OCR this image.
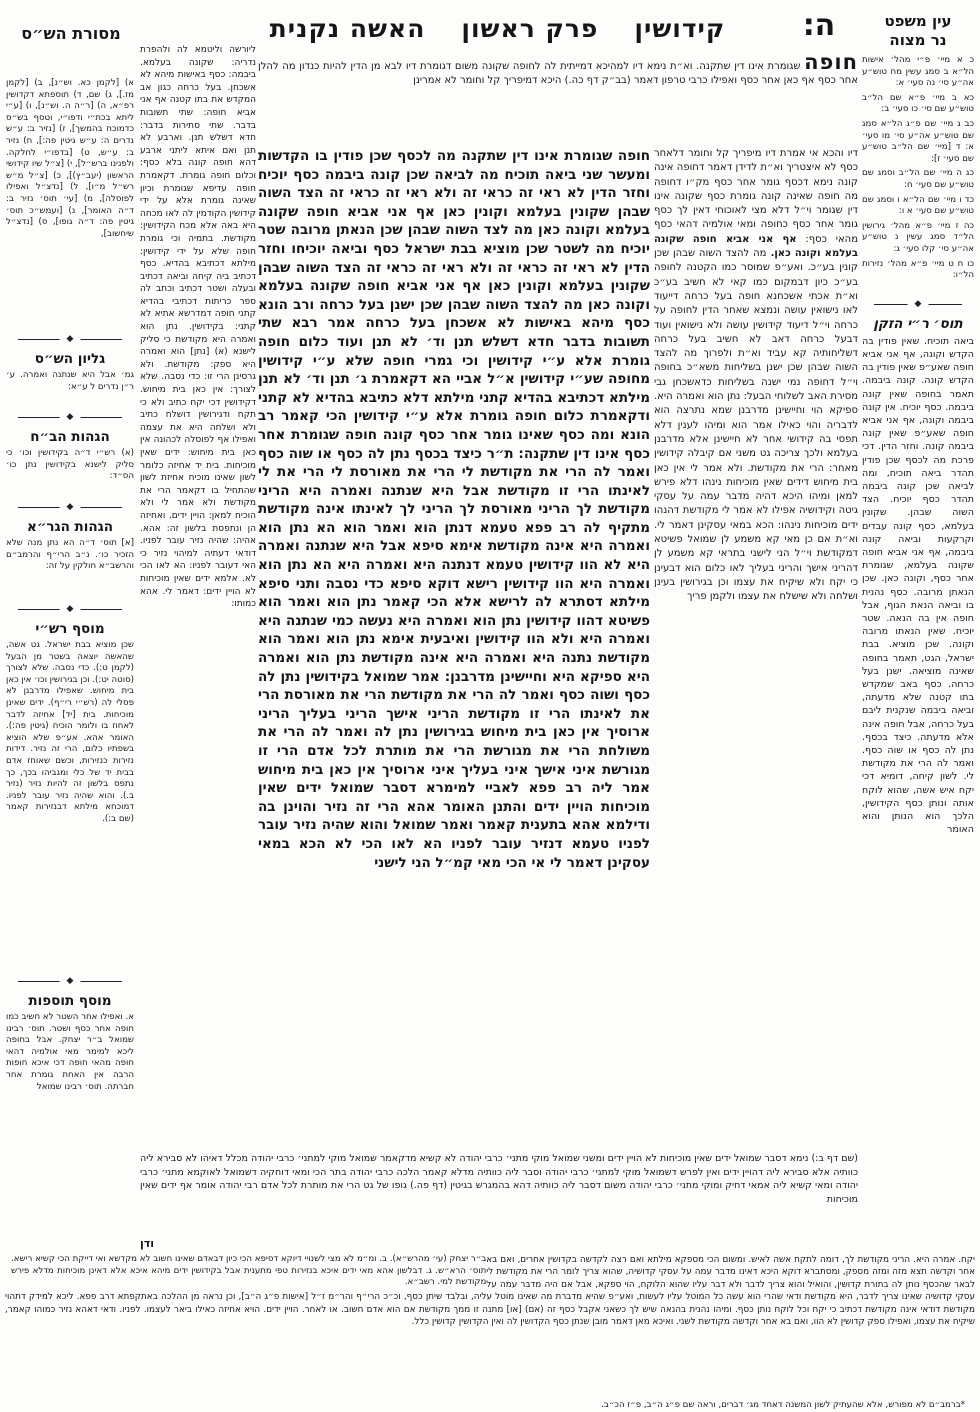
עין משפט
נר מצוה
ה:
קידושין
פרק ראשון
האשה נקנית
מסורת הש״ס
א) [לקמן כא. וש״נ], ב) [לקמן מז.], ג) שם, ד) תוספתא דקדושין רפ״א, ה) [ר״ה ה. וש״נ], ו) [ע״י ליתא בכת״י ודפו״י, וטסף בש״ס כדמוכח בהמשך], ז) [נזיר ב: ע״ש נדרים ה: ע״ש גיטין פה:], ח) נזיר ב: ע״ש, ט) [בדפו״י לחלקה. ולפנינו ברש״ל], י) [צ״ל שיו קידושי הראשון (יעב״ץ)], כ) [צ״ל מ״ש רש״ל מ״ו], ל) [נדצ״ל ואפילו לפוסלה], מ) [עי׳ תוס׳ נזיר ב: ד״ה האומר], נ) [ועמש״כ תוס׳ גיטין פה: ד״ה גופו], ס) [נדצ״ל שיחשוב],
◆
גליון הש״ס
גמ׳ אבל היא שנתנה ואמרה. ע׳ ר״ן נדרים ל ע״א:
◆
הגהות הב״ח
(א) רש״י ד״ה בקידושין וכו׳ כי סליק לישנא בקידושין נתן כו׳ הס״ד:
◆
הגהות הגר״א
[א] תוס׳ ד״ה הא נתן מנה שלא הזכיר כו׳. נ״ב הרי״ף והרמב״ם והרשב״א חולקין על זה:
◆
מוסף רש״י
שכן מוציא בבת ישראל. גט אשה, שהאשה יוצאה בשטר מן הבעל (לקמן ט:). כדי נסבה. שלא לצורך (סוטה יט:). וכן בגירושין וכו׳ אין כאן בית מיחוש. שאפילו מדרבנן לא פסלי לה (רש״י רי״ף). ידים שאינן מוכיחות. בית [יד] אחיזה לדבר לאחוז בו ולומר הוכיח (גיטין פה:). האומר אהא. אע״פ שלא הוציא בשפתיו כלום, הרי זה נזיר. דידות נזירות כנזירות, וכשם שאוחז אדם בבית יד של כלי ומגביהו בכך, כך נתפס בלשון זה להיות נזיר (נזיר ב.). והוא שהיה נזיר עובר לפניו. דמוכחא מילתא דבנזירות קאמר (שם ב:).
◆
מוסף תוספות
א. ואפילו אחר השטר לא חשיב כמו חופה אחר כסף ושטר. תוס׳ רבינו שמואל ב״ר יצחק. אבל בחופה ליכא למימר מאי אולמיה דהאי חופה מהאי חופה דכי איכא חופות הרבה אין האחת גומרת אחר חברתה. תוס׳ רבינו שמואל
ליורשה וליטמא לה ולהפרת נדריה: שקונה בעלמא. ביבמה: כסף באישות מיהא לא אשכחן. בעל כרחה כגון אב המקדש את בתו קטנה אף אני אביא חופה: שתי תשובות בדבר. שתי סתירות בדבר: חדא דשלש תנן. וארבע לא תנן ואם איתא ליתני ארבע דהא חופה קונה בלא כסף: וכלום חופה גומרת. דקאמרת חופה עדיפא שגומרת וכיון שאינה גומרת אלא על ידי קידושין הקודמין לה לאו מכחה היא באה אלא מכח הקידושין: מקודשת. בתמיה וכי גומרת חופה שלא על ידי קידושין: מילתא דכתיבא בהדיא. כסף דכתיב ביה קיחה וביאה דכתיב ובעלה ושטר דכתיב וכתב לה ספר כריתות דכתיבי בהדיא קתני חופה דמדרשא אתיא לא קתני: בקידושין. נתן הוא ואמרה היא מקודשת כי סליק לישנא (א) [נתן] הוא ואמרה היא ספק: מקודשת. ולא גרסינן הרי זו: כדי נסבה. שלא לצורך: אין כאן בית מיחוש. דקידושין דכי יקח כתיב ולא כי תקח ודגירושין דושלח כתיב ולא ושלחה היא את עצמה ואפילו אף לפוסלה לכהונה אין כאן בית מיחוש: ידים שאין מוכיחות. בית יד אחיזה כלומר לשון שאינו מוכיח אחיזת לשון שהתחיל בו דקאמר הרי את מקודשת ולא אמר לי ולא הוכיח למאן: הויין ידים. ואחיזה הן ונתפסת בלשון זה: אהא. אהיה: שהיה נזיר עובר לפניו. דודאי דעתיה למיהוי נזיר כי האי דעובר לפניו: הא לאו הכי לא. אלמא ידים שאין מוכיחות לא הויין ידים: דאמר לי. אהא כמותו:
חופה שגומרת אינו דין שתקנה. וא״ת נימא דיו למהיכא דמייתית לה לחופה שקונה משום דגומרת דיו לבא מן הדין להיות כנדון מה להלן אחר כסף אף כאן אחר כסף ואפילו כרבי טרפון דאמר (בב״ק דף כה.) היכא דמיפריך קל וחומר לא אמרינן
חופה שגומרת אינו דין שתקנה מה לכסף שכן פודין בו הקדשות ומעשר שני ביאה תוכיח מה לביאה שכן קונה ביבמה כסף יוכיח וחזר הדין לא ראי זה כראי זה ולא ראי זה כראי זה הצד השוה שבהן שקונין בעלמא וקונין כאן אף אני אביא חופה שקונה בעלמא וקונה כאן מה לצד השוה שבהן שכן הנאתן מרובה שטר יוכיח מה לשטר שכן מוציא בבת ישראל כסף וביאה יוכיחו וחזר הדין לא ראי זה כראי זה ולא ראי זה כראי זה הצד השוה שבהן שקונין בעלמא וקונין כאן אף אני אביא חופה שקונה בעלמא וקונה כאן מה להצד השוה שבהן שכן ישנן בעל כרחה ורב הונא כסף מיהא באישות לא אשכחן בעל כרחה אמר רבא שתי תשובות בדבר חדא דשלש תנן וד׳ לא תנן ועוד כלום חופה גומרת אלא ע״י קידושין וכי גמרי חופה שלא ע״י קידושין מחופה שע״י קידושין א״ל אביי הא דקאמרת ג׳ תנן וד׳ לא תנן מילתא דכתיבא בהדיא קתני מילתא דלא כתיבא בהדיא לא קתני ודקאמרת כלום חופה גומרת אלא ע״י קידושין הכי קאמר רב הונא ומה כסף שאינו גומר אחר כסף קונה חופה שגומרת אחר כסף אינו דין שתקנה: ת״ר כיצד בכסף נתן לה כסף או שוה כסף ואמר לה הרי את מקודשת לי הרי את מאורסת לי הרי את לי לאינתו הרי זו מקודשת אבל היא שנתנה ואמרה היא הריני מקודשת לך הריני מאורסת לך הריני לך לאינתו אינה מקודשת מתקיף לה רב פפא טעמא דנתן הוא ואמר הוא הא נתן הוא ואמרה היא אינה מקודשת אימא סיפא אבל היא שנתנה ואמרה היא לא הוו קידושין טעמא דנתנה היא ואמרה היא הא נתן הוא ואמרה היא הוו קידושין רישא דוקא סיפא כדי נסבה ותני סיפא מילתא דסתרא לה לרישא אלא הכי קאמר נתן הוא ואמר הוא פשיטא דהוו קידושין נתן הוא ואמרה היא נעשה כמי שנתנה היא ואמרה היא ולא הוו קידושין ואיבעית אימא נתן הוא ואמר הוא מקודשת נתנה היא ואמרה היא אינה מקודשת נתן הוא ואמרה היא ספיקא היא וחיישינן מדרבנן: אמר שמואל בקידושין נתן לה כסף ושוה כסף ואמר לה הרי את מקודשת הרי את מאורסת הרי את לאינתו הרי זו מקודשת הריני אישך הריני בעליך הריני ארוסיך אין כאן בית מיחוש בגירושין נתן לה ואמר לה הרי את משולחת הרי את מגורשת הרי את מותרת לכל אדם הרי זו מגורשת איני אישך איני בעליך איני ארוסיך אין כאן בית מיחוש אמר ליה רב פפא לאביי למימרא דסבר שמואל ידים שאין מוכיחות הויין ידים והתנן האומר אהא הרי זה נזיר והוינן בה ודילמא אהא בתענית קאמר ואמר שמואל והוא שהיה נזיר עובר לפניו טעמא דנזיר עובר לפניו הא לאו הכי לא הכא במאי עסקינן דאמר לי אי הכי מאי קמ״ל הני לישני
דיו והכא אי אמרת דיו מיפריך קל וחומר דלאחר כסף לא איצטריך וא״ת לדידן דאמר דחופה אינה קונה נימא דכסף גומר אחר כסף מק״ו דחופה מה חופה שאינה קונה גומרת כסף שקונה אינו דין שגומר וי״ל דלא מצי לאוכוחי דאין לך כסף גומר אחר כסף כחופה ומאי אולמיה דהאי כסף מהאי כסף: אף אני אביא חופה שקונה בעלמא וקונה כאן. מה להצד השוה שבהן שכן קונין בע״כ. ואע״פ שמוסר כמו הקטנה לחופה בע״כ כיון דבמקום כמו קאי לא חשיב בע״כ וא״ת אכתי אשכחנא חופה בעל כרחה דייעוד לאו נישואין עושה ונמצא שאחר הדין לחופה על כרחה וי״ל דיעוד קידושין עושה ולא נישואין ועוד דבעל כרחה דאב לא חשיב בעל כרחה דשליחותיה קא עביד וא״ת ולפרוך מה להצד השוה שבהן שכן ישנן בשליחות משא״כ בחופה וי״ל דחופה נמי ישנה בשליחות כדאשכחן גבי מסירת האב לשלוחי הבעל: נתן הוא ואמרה היא. ספיקא הוי וחיישינן מדרבנן שמא נתרצה הוא לדבריה והוי כאילו אמר הוא ומיהו לענין דלא תפסי בה קידושי אחר לא חיישינן אלא מדרבנן בעלמא ולכך צריכה גט משני אם קיבלה קידושין מאחר: הרי את מקודשת. ולא אמר לי אין כאן בית מיחוש דידים שאין מוכיחות נינהו דלא פירש למאן ומיהו היכא דהיה מדבר עמה על עסקי גיטה וקידושיה אפילו לא אמר לי מקודשת דהנהו ידים מוכיחות נינהו: הכא במאי עסקינן דאמר לי. וא״ת אם כן מאי קא משמע לן שמואל פשיטא דמקודשת וי״ל הני לישני בתראי קא משמע לן דהריני אישך והריני בעליך לאו כלום הוא דבעינן כי יקח ולא שיקיח את עצמו וכן בגירושין בעינן ושלחה ולא שישלח את עצמו ולקמן פריך
(שם דף ב:) נימא דסבר שמואל ידים שאין מוכיחות לא הויין ידים ומשני שמואל מוקי מתני׳ כרבי יהודה לא קשיא מדקאמר שמואל מוקי למתני׳ כרבי יהודה מכלל דאיהו לא סבירא ליה כוותיה אלא סבירא ליה דהויין ידים ואין לפרש דשמואל מוקי למתני׳ כרבי יהודה וסבר ליה כוותיה מדלא קאמר הלכה כרבי יהודה בתר הכי ומאי דוחקיה דשמואל לאוקמא מתני׳ כרבי יהודה ומאי קשיא ליה אמאי דחיק ומוקי מתני׳ כרבי יהודה משום דסבר ליה כוותיה דהא בהמגרש בגיטין (דף פה.) גופו של גט הרי את מותרת לכל אדם רבי יהודה אומר אף ידים שאין מוכיחות
ודן
כ א מיי׳ פ״י מהל׳ אישות הל״א ב סמג עשין מח טוש״ע אה״ע סי׳ נה סעי׳ א:
כא ב מיי׳ פ״א שם הל״ב טוש״ע שם סי׳ כו סעי׳ ב:
כב ג מיי׳ שם פ״ג הל״א סמג שם טוש״ע אה״ע סי׳ מו סעי׳ א: ד [מיי׳ שם הל״ב טוש״ע שם סעי׳ ז]:
כג ה מיי׳ שם הל״ב וסמג שם טוש״ע שם סעי׳ ח:
כד ו מיי׳ שם הל״א ו וסמג שם טוש״ע שם סעי׳ א ו:
כה ז מיי׳ פ״א מהל׳ גירושין הל״ד סמג עשין נ טוש״ע אה״ע סי׳ קלו סעי׳ ג:
כו ח ט מיי׳ פ״א מהל׳ נזירות הל״ו:
◆
תוס׳ ר״י הזקן
ביאה תוכיח. שאין פודין בה הקדש וקונה, אף אני אביא חופה שאע״פ שאין פודין בה הקדש קונה. קונה ביבמה. תאמר בחופה שאין קונה ביבמה. כסף יוכיח. אין קונה ביבמה וקונה, אף אני אביא חופה שאע״פ שאין קונה ביבמה קונה. וחזר הדין. דכי פרכת מה לכסף שכן פודין תהדר ביאה תוכיח, ומה לביאה שכן קונה ביבמה תהדר כסף יוכיח. הצד השוה שבהן. שקונין בעלמא, כסף קונה עבדים וקרקעות וביאה קונה ביבמה, אף אני אביא חופה שקונה בעלמא, שגומרת אחר כסף, וקונה כאן. שכן הנאתן מרובה. כסף נהנית בו וביאה הנאת הגוף, אבל חופה אין בה הנאה. שטר יוכיח. שאין הנאתו מרובה וקונה. שכן מוציא. בבת ישראל, הגט, תאמר בחופה שאינה מוציאה. ישנן בעל כרחה. כסף באב שמקדש בתו קטנה שלא מדעתה, וביאה ביבמה שנקנית ליבם בעל כרחה, אבל חופה אינה אלא מדעתה. כיצד בכסף. נתן לה כסף או שוה כסף. ואמר לה הרי את מקודשת לי. לשון קיחה, דומיא דכי יקח איש אשה, שהוא לוקח אותה ונותן כסף הקידושין, הלכך הוא הנותן והוא האומר
ב״ר יצחק (עי׳ מהרש״א). ב. ומ״מ לא מצי לשנויי דיוקא דסיפא הכי כיון דבאדם שאינו חשוב לא מקדשא ואי דייקת הכי קשיא רישא. תוס׳ הרא״ש. ג. דבלשון אהא מאי ידים איכא בנזירות טפי מתענית אבל בקידושין ידים מיהא איכא אלא דאינן מוכיחות מדלא פירש מקודשת למי. רשב״א.
יקח. אמרה היא. הריני מקודשת לך, דומה לתקח אשה לאיש. ומשום הכי מספקא מילתא ואם רצה לקדשה בקדושין אחרים, ואם בא אחר וקדשה תצא מזה ומזה מספק, ומסתברא דוקא היכא דאינו מדבר עמה על עסקי קדושיה, שהוא צריך לומר הרי את מקודשת לי לבאר שהכסף נותן לה בתורת קדושין, והואיל והוא צריך לדבר ולא דבר עליו שהוא הלוקח, הוי ספקא, אבל אם היה מדבר עמה על עסקי קדושיה שאינו צריך לדבר, היא מקודשת ודאי שהרי הוא עשה כל המוטל עליו לעשות, ואע״פ שהיא מדברת מה שאינו מוטל עליה, ובלבד שיתן כסף, וכ״כ הרי״ף והר״מ ז״ל [אישות פ״ג ה״ב], וכן נראה מן ההלכה באתקפתא דרב פפא. ליכא למידק דתהוי מקודשת דודאי אינה מקודשת דכתיב כי יקח וכל לוקח נותן כסף. ומיהו נהנית בהנאה שיש לך כשאני אקבל כסף זה (אם) [או] מתנה זו ממך מקודשת אם הוא אדם חשוב. או לאחר. הויין ידים. הויא אחיזה כאילו ביאר לעצמו. לפניו. ודאי דאהא נזיר כמוהו קאמר, שיקיח את עצמו, ואפילו ספק קדושין לא הוו, ואם בא אחר וקדשה מקודשת לשני. ואיכא מאן דאמר מובן שנתן כסף הקדושין לה ואין הקדושין קדושין כלל.
*ברמב״ם לא מפורש, אלא שהעתיק לשון המשנה דאחד מג׳ דברים, וראה שם פ״ג ה״ב, פ״ז הכ״ב.
